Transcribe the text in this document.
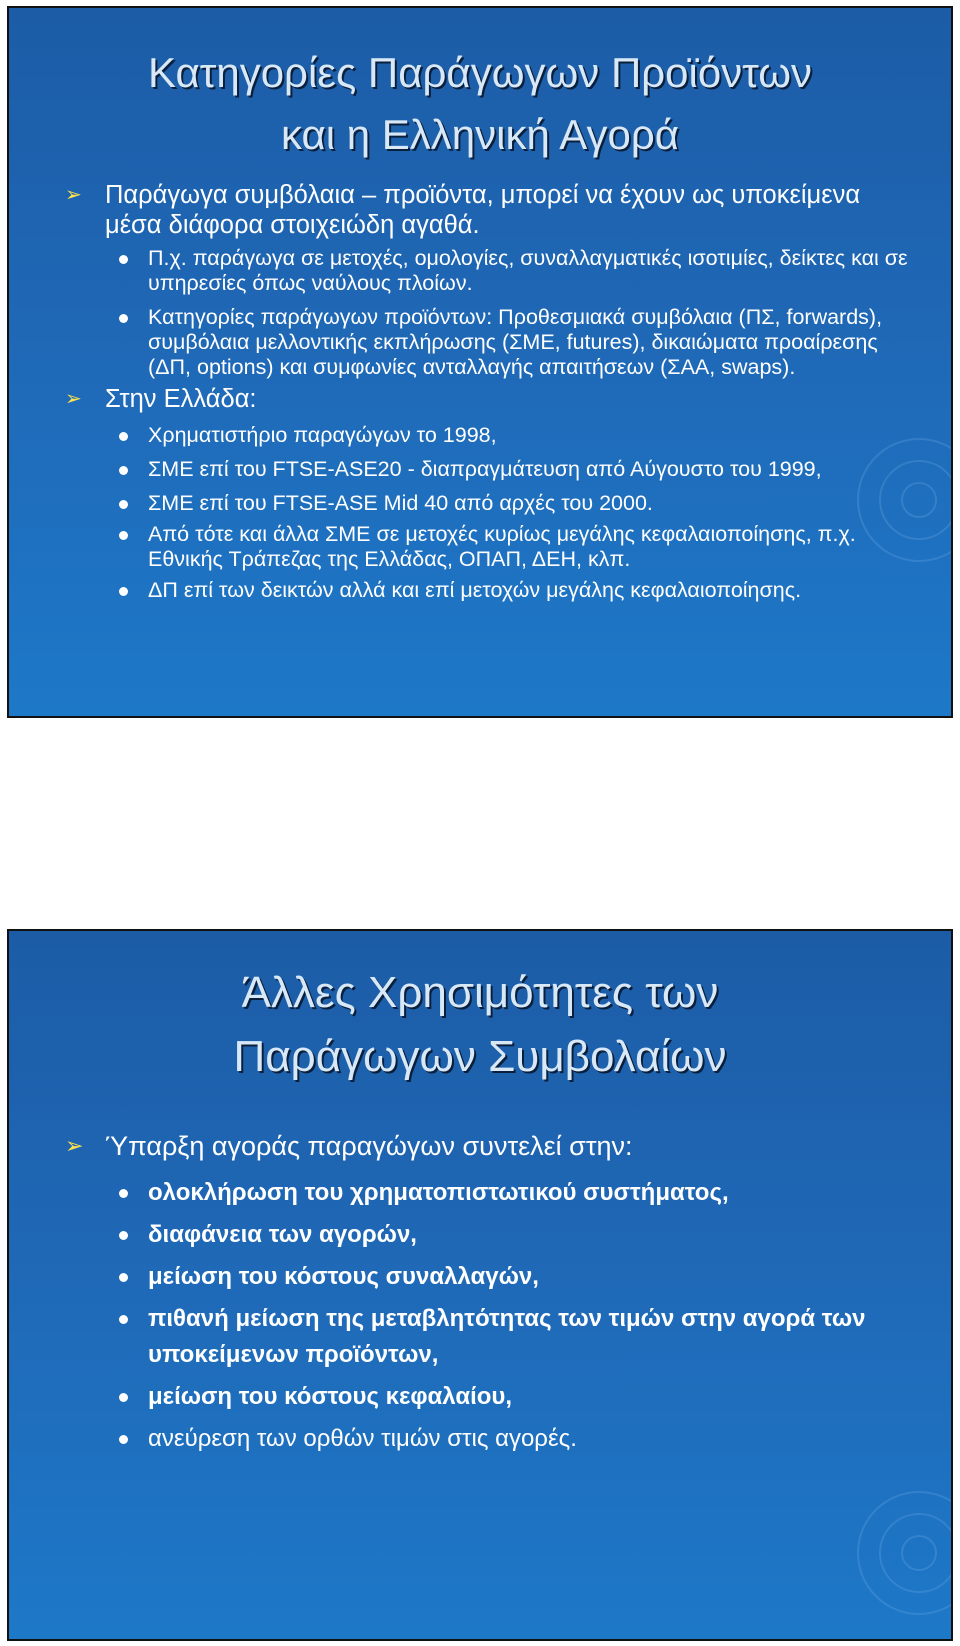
Κατηγορίες Παράγωγων Προϊόντων
και η Ελληνική Αγορά

➢ Παράγωγα συμβόλαια – προϊόντα, μπορεί να έχουν ως υποκείμενα μέσα διάφορα στοιχειώδη αγαθά.

Π.χ. παράγωγα σε μετοχές, ομολογίες, συναλλαγματικές ισοτιμίες, δείκτες και σε υπηρεσίες όπως ναύλους πλοίων.

Κατηγορίες παράγωγων προϊόντων: Προθεσμιακά συμβόλαια (ΠΣ, forwards), συμβόλαια μελλοντικής εκπλήρωσης (ΣΜΕ, futures), δικαιώματα προαίρεσης (ΔΠ, options) και συμφωνίες ανταλλαγής απαιτήσεων (ΣΑΑ, swaps).

➢ Στην Ελλάδα:

Χρηματιστήριο παραγώγων το 1998,

ΣΜΕ επί του FTSE-ASE20 - διαπραγμάτευση από Αύγουστο του 1999,

ΣΜΕ επί του FTSE-ASE Mid 40 από αρχές του 2000.

Από τότε και άλλα ΣΜΕ σε μετοχές κυρίως μεγάλης κεφαλαιοποίησης, π.χ. Εθνικής Τράπεζας της Ελλάδας, ΟΠΑΠ, ΔΕΗ, κλπ.

ΔΠ επί των δεικτών αλλά και επί μετοχών μεγάλης κεφαλαιοποίησης.

Άλλες Χρησιμότητες των
Παράγωγων Συμβολαίων

➢ Ύπαρξη αγοράς παραγώγων συντελεί στην:

ολοκλήρωση του χρηματοπιστωτικού συστήματος,

διαφάνεια των αγορών,

μείωση του κόστους συναλλαγών,

πιθανή μείωση της μεταβλητότητας των τιμών στην αγορά των υποκείμενων προϊόντων,

μείωση του κόστους κεφαλαίου,

ανεύρεση των ορθών τιμών στις αγορές.
